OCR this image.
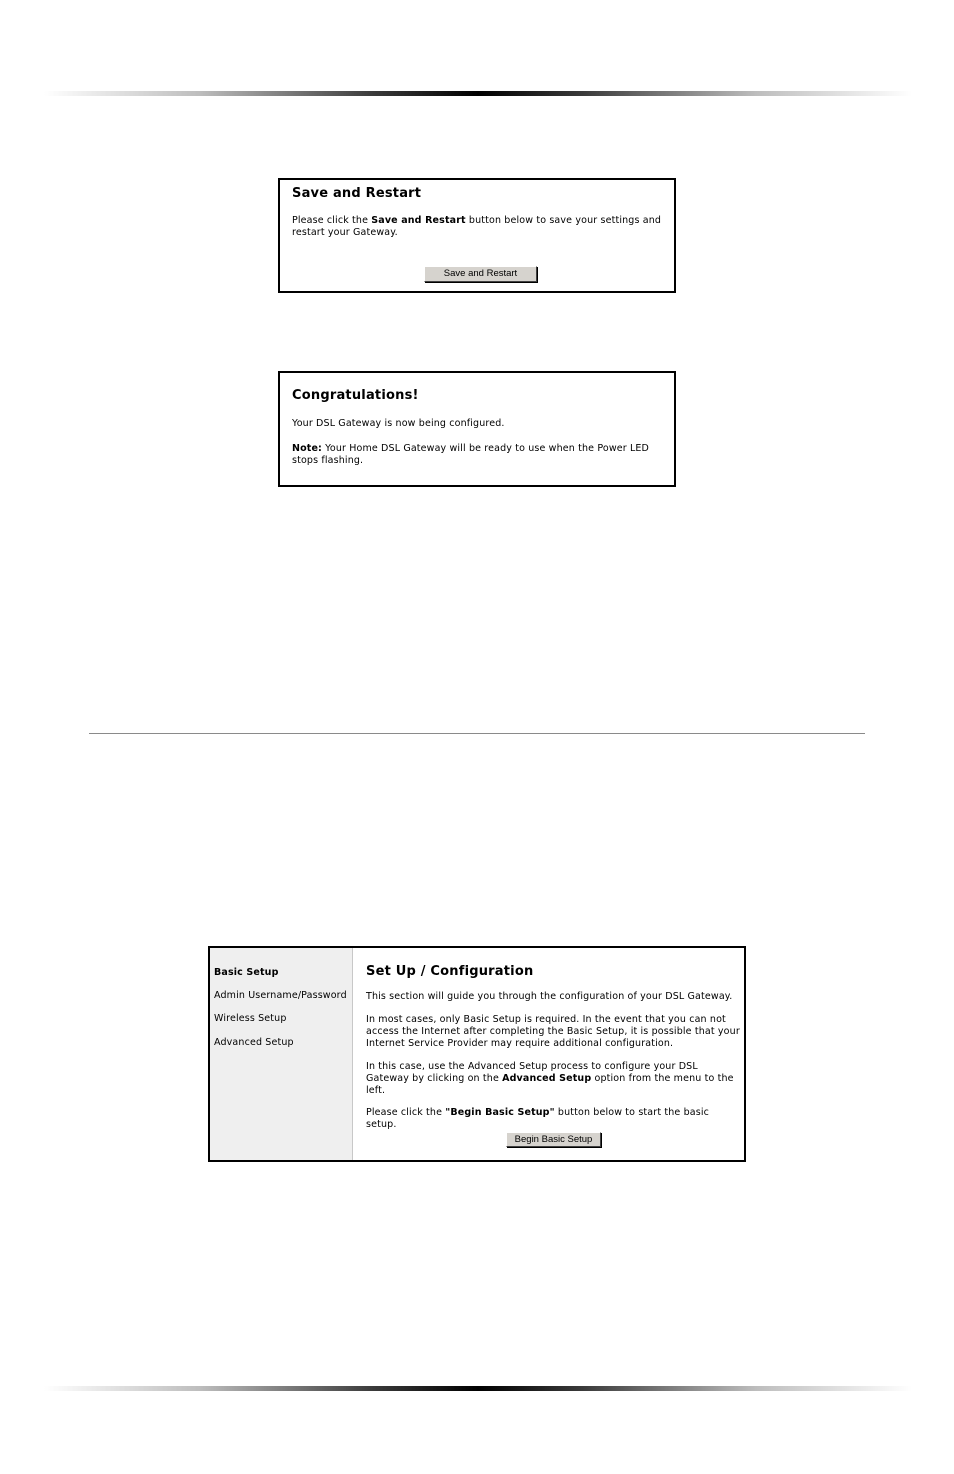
Save and Restart

Please click the Save and Restart button below to save your settings and restart your Gateway.

Save and Restart
Congratulations!

Your DSL Gateway is now being configured.

Note: Your Home DSL Gateway will be ready to use when the Power LED stops flashing.

Basic Setup
Admin Username/Password
Wireless Setup
Advanced Setup
Set Up / Configuration

This section will guide you through the configuration of your DSL Gateway.

In most cases, only Basic Setup is required. In the event that you can not access the Internet after completing the Basic Setup, it is possible that your Internet Service Provider may require additional configuration.

In this case, use the Advanced Setup process to configure your DSL Gateway by clicking on the Advanced Setup option from the menu to the left.

Please click the "Begin Basic Setup" button below to start the basic setup.

Begin Basic Setup
